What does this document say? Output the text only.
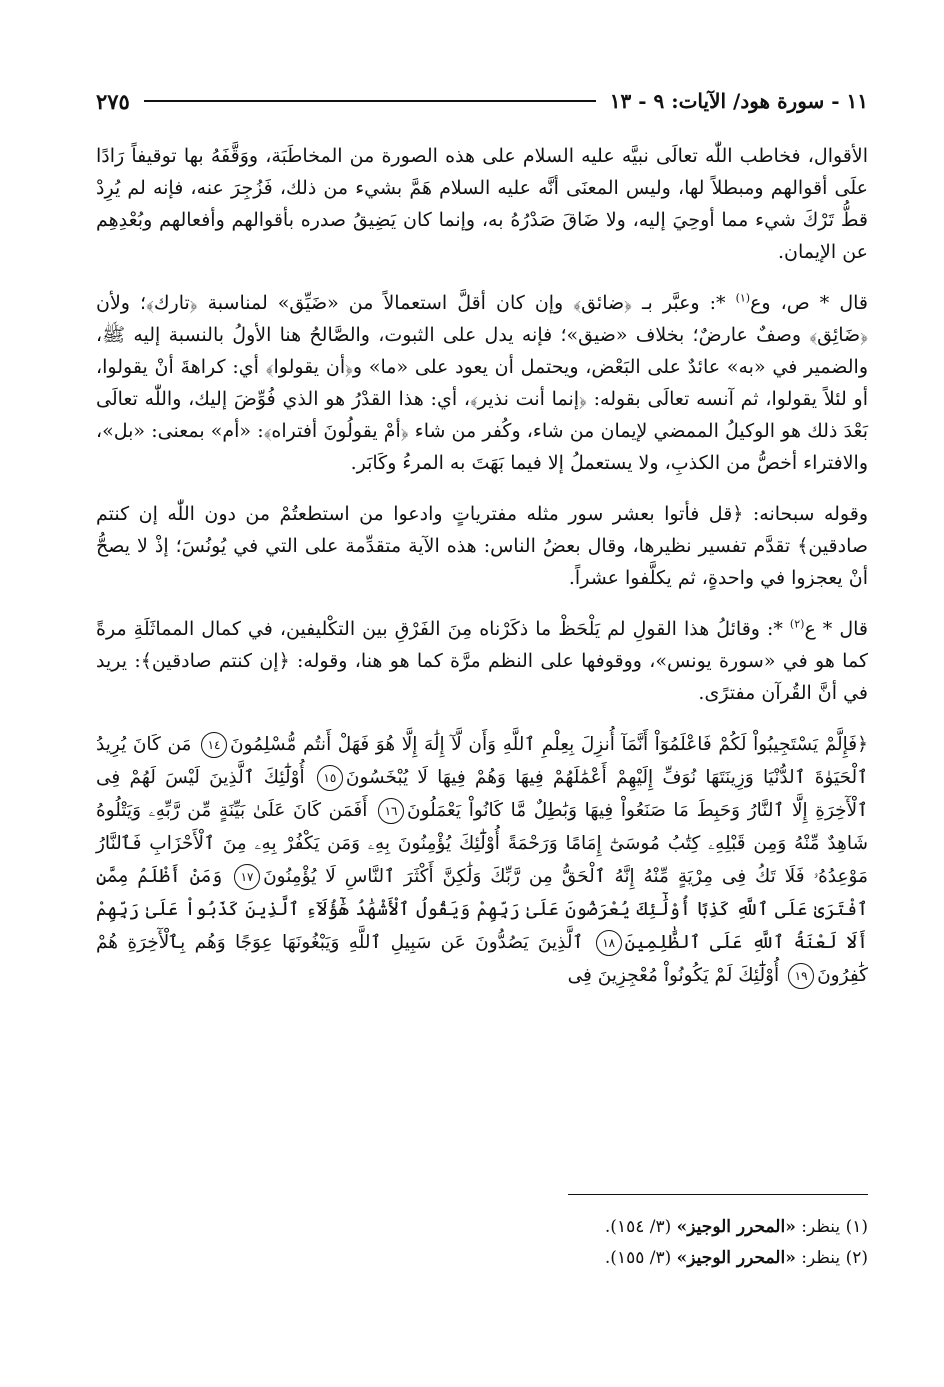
١١ - سورة هود/ الآيات: ٩ - ١٣
٢٧٥

الأقوال، فخاطب اللّٰه تعالَى نبيَّه عليه السلام على هذه الصورة من المخاطَبَة، ووَقَّفَهُ بها توقيفاً رَادًا علَى أقوالهم ومبطلاً لها، وليس المعنَى أنَّه عليه السلام هَمَّ بشيء من ذلك، فَزُجِرَ عنه، فإنه لم يُرِدْ قطُّ تَرْكَ شيء مما أوحِيَ إليه، ولا ضَاقَ صَدْرُهُ به، وإنما كان يَضِيقُ صدره بأقوالهم وأفعالهم وبُعْدِهِم عن الإيمان.

قال * ص، وع$^{(١)}$ *: وعبَّر بـ ﴿ضائق﴾ وإن كان أقلَّ استعمالاً من «ضَيِّق» لمناسبة ﴿تارك﴾؛ ولأن ﴿ضَائِق﴾ وصفٌ عارضٌ؛ بخلاف «ضيق»؛ فإنه يدل على الثبوت، والصَّالحُ هنا الأولُ بالنسبة إليه ﷺ، والضمير في «به» عائدٌ على البَعْض، ويحتمل أن يعود على «ما» و﴿أن يقولوا﴾ أي: كراهةَ أنْ يقولوا، أو لئلاً يقولوا، ثم آنسه تعالَى بقوله: ﴿إنما أنت نذير﴾، أي: هذا القدْرُ هو الذي فُوِّضَ إليك، واللّٰه تعالَى بَعْدَ ذلك هو الوكيلُ الممضي لإيمان من شاء، وكُفر من شاء ﴿أمْ يقولُونَ أفتراه﴾: «أم» بمعنى: «بل»، والافتراء أخصُّ من الكذبِ، ولا يستعملُ إلا فيما بَهَتَ به المرءُ وكَابَر.

وقوله سبحانه: ﴿قل فأتوا بعشر سور مثله مفترياتٍ وادعوا من استطعتُمْ من دون اللّٰه إن كنتم صادقين﴾ تقدَّم تفسير نظيرها، وقال بعضُ الناس: هذه الآية متقدِّمة على التي في يُونُسَ؛ إذْ لا يصحُّ أنْ يعجزوا في واحدةٍ، ثم يكلَّفوا عشراً.

قال * ع$^{(٢)}$ *: وقائلُ هذا القولِ لم يَلْحَظْ ما ذكَرْناه مِنَ الفَرْقِ بين التكْليفين، في كمال المماثَلَةِ مرةً كما هو في «سورة يونس»، ووقوفها على النظم مرَّة كما هو هنا، وقوله: ﴿إن كنتم صادقين﴾: يريد في أنَّ القُرآن مفترًى.

﴿فَإِلَّمْ يَسْتَجِيبُواْ لَكُمْ فَاعْلَمُوٓاْ أَنَّمَآ أُنزِلَ بِعِلْمِ ٱللَّهِ وَأَن لَّآ إِلَٰهَ إِلَّا هُوَ فَهَلْ أَنتُم مُّسْلِمُونَ١٤ مَن كَانَ يُرِيدُ ٱلْحَيَوٰةَ ٱلدُّنْيَا وَزِينَتَهَا نُوَفِّ إِلَيْهِمْ أَعْمَٰلَهُمْ فِيهَا وَهُمْ فِيهَا لَا يُبْخَسُونَ١٥ أُوْلَٰٓئِكَ ٱلَّذِينَ لَيْسَ لَهُمْ فِى ٱلْأٓخِرَةِ إِلَّا ٱلنَّارُ وَحَبِطَ مَا صَنَعُواْ فِيهَا وَبَٰطِلٌ مَّا كَانُواْ يَعْمَلُونَ١٦ أَفَمَن كَانَ عَلَىٰ بَيِّنَةٍ مِّن رَّبِّهِۦ وَيَتْلُوهُ شَاهِدٌ مِّنْهُ وَمِن قَبْلِهِۦ كِتَٰبُ مُوسَىٰٓ إِمَامًا وَرَحْمَةً أُوْلَٰٓئِكَ يُؤْمِنُونَ بِهِۦ وَمَن يَكْفُرْ بِهِۦ مِنَ ٱلْأَحْزَابِ فَٱلنَّارُ مَوْعِدُهُۥ فَلَا تَكُ فِى مِرْيَةٍ مِّنْهُ إِنَّهُ ٱلْحَقُّ مِن رَّبِّكَ وَلَٰكِنَّ أَكْثَرَ ٱلنَّاسِ لَا يُؤْمِنُونَ١٧ وَمَنْ أَظْلَمُ مِمَّنِ ٱفْتَرَىٰ عَلَى ٱللَّهِ كَذِبًا أُوْلَٰٓئِكَ يُعْرَضُونَ عَلَىٰ رَبِّهِمْ وَيَقُولُ ٱلْأَشْهَٰدُ هَٰٓؤُلَآءِ ٱلَّذِينَ كَذَبُواْ عَلَىٰ رَبِّهِمْ أَلَا لَعْنَةُ ٱللَّهِ عَلَى ٱلظَّٰلِمِينَ١٨ ٱلَّذِينَ يَصُدُّونَ عَن سَبِيلِ ٱللَّهِ وَيَبْغُونَهَا عِوَجًا وَهُم بِٱلْأٓخِرَةِ هُمْ كَٰفِرُونَ١٩ أُوْلَٰٓئِكَ لَمْ يَكُونُواْ مُعْجِزِينَ فِى

(١) ينظر: «المحرر الوجيز» (٣/ ١٥٤).
(٢) ينظر: «المحرر الوجيز» (٣/ ١٥٥).
